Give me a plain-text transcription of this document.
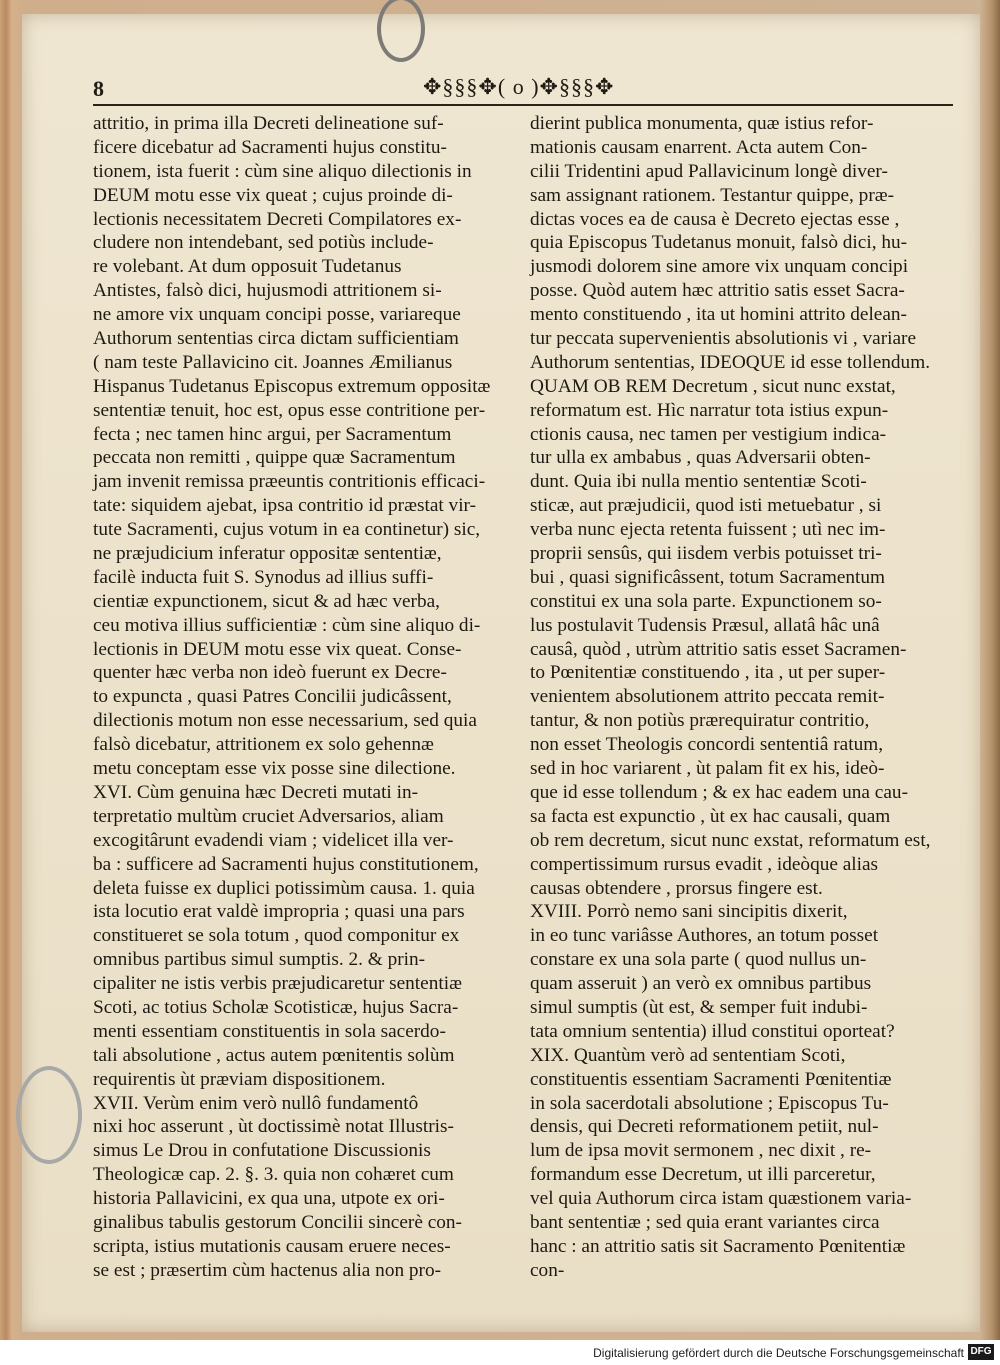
8	✥§§§✥( o )✥§§§✥
attritio, in prima illa Decreti delineatione suf-
ficere dicebatur ad Sacramenti hujus constitu-
tionem, ista fuerit : cùm sine aliquo dilectionis in
DEUM motu esse vix queat ; cujus proinde di-
lectionis necessitatem Decreti Compilatores ex-
cludere non intendebant, sed potiùs include-
re volebant. At dum opposuit Tudetanus
Antistes, falsò dici, hujusmodi attritionem si-
ne amore vix unquam concipi posse, variareque
Authorum sententias circa dictam sufficientiam
( nam teste Pallavicino cit. Joannes Æmilianus
Hispanus Tudetanus Episcopus extremum oppositæ
sententiæ tenuit, hoc est, opus esse contritione per-
fecta ; nec tamen hinc argui, per Sacramentum
peccata non remitti , quippe quæ Sacramentum
jam invenit remissa præeuntis contritionis efficaci-
tate: siquidem ajebat, ipsa contritio id præstat vir-
tute Sacramenti, cujus votum in ea continetur) sic,
ne præjudicium inferatur oppositæ sententiæ,
facilè inducta fuit S. Synodus ad illius suffi-
cientiæ expunctionem, sicut & ad hæc verba,
ceu motiva illius sufficientiæ : cùm sine aliquo di-
lectionis in DEUM motu esse vix queat. Conse-
quenter hæc verba non ideò fuerunt ex Decre-
to expuncta , quasi Patres Concilii judicâssent,
dilectionis motum non esse necessarium, sed quia
falsò dicebatur, attritionem ex solo gehennæ
metu conceptam esse vix posse sine dilectione.
XVI. Cùm genuina hæc Decreti mutati in-
terpretatio multùm cruciet Adversarios, aliam
excogitârunt evadendi viam ; videlicet illa ver-
ba : sufficere ad Sacramenti hujus constitutionem,
deleta fuisse ex duplici potissimùm causa. 1. quia
ista locutio erat valdè impropria ; quasi una pars
constitueret se sola totum , quod componitur ex
omnibus partibus simul sumptis. 2. & prin-
cipaliter ne istis verbis præjudicaretur sententiæ
Scoti, ac totius Scholæ Scotisticæ, hujus Sacra-
menti essentiam constituentis in sola sacerdo-
tali absolutione , actus autem pœnitentis solùm
requirentis ùt præviam dispositionem.
XVII. Verùm enim verò nullô fundamentô
nixi hoc asserunt , ùt doctissimè notat Illustris-
simus Le Drou in confutatione Discussionis
Theologicæ cap. 2. §. 3. quia non cohæret cum
historia Pallavicini, ex qua una, utpote ex ori-
ginalibus tabulis gestorum Concilii sincerè con-
scripta, istius mutationis causam eruere neces-
se est ; præsertim cùm hactenus alia non pro-
dierint publica monumenta, quæ istius refor-
mationis causam enarrent. Acta autem Con-
cilii Tridentini apud Pallavicinum longè diver-
sam assignant rationem. Testantur quippe, præ-
dictas voces ea de causa è Decreto ejectas esse ,
quia Episcopus Tudetanus monuit, falsò dici, hu-
jusmodi dolorem sine amore vix unquam concipi
posse. Quòd autem hæc attritio satis esset Sacra-
mento constituendo , ita ut homini attrito delean-
tur peccata supervenientis absolutionis vi , variare
Authorum sententias, IDEOQUE id esse tollendum.
QUAM OB REM Decretum , sicut nunc exstat,
reformatum est. Hìc narratur tota istius expun-
ctionis causa, nec tamen per vestigium indica-
tur ulla ex ambabus , quas Adversarii obten-
dunt. Quia ibi nulla mentio sententiæ Scoti-
sticæ, aut præjudicii, quod isti metuebatur , si
verba nunc ejecta retenta fuissent ; utì nec im-
proprii sensûs, qui iisdem verbis potuisset tri-
bui , quasi significâssent, totum Sacramentum
constitui ex una sola parte. Expunctionem so-
lus postulavit Tudensis Præsul, allatâ hâc unâ
causâ, quòd , utrùm attritio satis esset Sacramen-
to Pœnitentiæ constituendo , ita , ut per super-
venientem absolutionem attrito peccata remit-
tantur, & non potiùs prærequiratur contritio,
non esset Theologis concordi sententiâ ratum,
sed in hoc variarent , ùt palam fit ex his, ideò-
que id esse tollendum ; & ex hac eadem una cau-
sa facta est expunctio , ùt ex hac causali, quam
ob rem decretum, sicut nunc exstat, reformatum est,
compertissimum rursus evadit , ideòque alias
causas obtendere , prorsus fingere est.
XVIII. Porrò nemo sani sincipitis dixerit,
in eo tunc variâsse Authores, an totum posset
constare ex una sola parte ( quod nullus un-
quam asseruit ) an verò ex omnibus partibus
simul sumptis (ùt est, & semper fuit indubi-
tata omnium sententia) illud constitui oporteat?
XIX. Quantùm verò ad sententiam Scoti,
constituentis essentiam Sacramenti Pœnitentiæ
in sola sacerdotali absolutione ; Episcopus Tu-
densis, qui Decreti reformationem petiit, nul-
lum de ipsa movit sermonem , nec dixit , re-
formandum esse Decretum, ut illi parceretur,
vel quia Authorum circa istam quæstionem varia-
bant sententiæ ; sed quia erant variantes circa
hanc : an attritio satis sit Sacramento Pœnitentiæ
con-
Digitalisierung gefördert durch die Deutsche Forschungsgemeinschaft DFG
